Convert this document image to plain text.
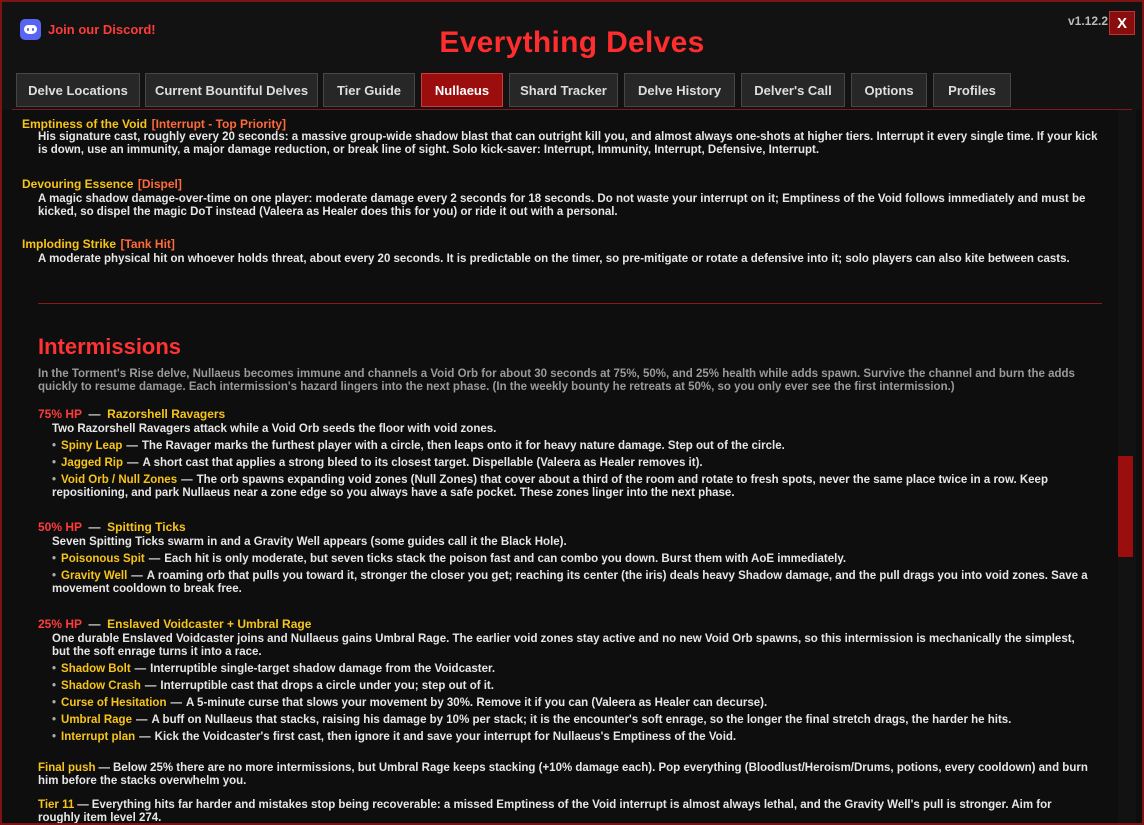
Join our Discord!	Everything Delves
v1.12.2 X
Delve Locations	Current Bountiful Delves	Tier Guide	Nullaeus	Shard Tracker	Delve History	Delver's Call	Options	Profiles
Emptiness of the Void [Interrupt - Top Priority]
His signature cast, roughly every 20 seconds: a massive group-wide shadow blast that can outright kill you, and almost always one-shots at higher tiers. Interrupt it every single time. If your kick is down, use an immunity, a major damage reduction, or break line of sight. Solo kick-saver: Interrupt, Immunity, Interrupt, Defensive, Interrupt.
Devouring Essence [Dispel]
A magic shadow damage-over-time on one player: moderate damage every 2 seconds for 18 seconds. Do not waste your interrupt on it; Emptiness of the Void follows immediately and must be kicked, so dispel the magic DoT instead (Valeera as Healer does this for you) or ride it out with a personal.
Imploding Strike [Tank Hit]
A moderate physical hit on whoever holds threat, about every 20 seconds. It is predictable on the timer, so pre-mitigate or rotate a defensive into it; solo players can also kite between casts.
Intermissions
In the Torment's Rise delve, Nullaeus becomes immune and channels a Void Orb for about 30 seconds at 75%, 50%, and 25% health while adds spawn. Survive the channel and burn the adds quickly to resume damage. Each intermission's hazard lingers into the next phase. (In the weekly bounty he retreats at 50%, so you only ever see the first intermission.)
75% HP  —  Razorshell Ravagers
Two Razorshell Ravagers attack while a Void Orb seeds the floor with void zones.
• Spiny Leap — The Ravager marks the furthest player with a circle, then leaps onto it for heavy nature damage. Step out of the circle.
• Jagged Rip — A short cast that applies a strong bleed to its closest target. Dispellable (Valeera as Healer removes it).
• Void Orb / Null Zones — The orb spawns expanding void zones (Null Zones) that cover about a third of the room and rotate to fresh spots, never the same place twice in a row. Keep repositioning, and park Nullaeus near a zone edge so you always have a safe pocket. These zones linger into the next phase.
50% HP  —  Spitting Ticks
Seven Spitting Ticks swarm in and a Gravity Well appears (some guides call it the Black Hole).
• Poisonous Spit — Each hit is only moderate, but seven ticks stack the poison fast and can combo you down. Burst them with AoE immediately.
• Gravity Well — A roaming orb that pulls you toward it, stronger the closer you get; reaching its center (the iris) deals heavy Shadow damage, and the pull drags you into void zones. Save a movement cooldown to break free.
25% HP  —  Enslaved Voidcaster + Umbral Rage
One durable Enslaved Voidcaster joins and Nullaeus gains Umbral Rage. The earlier void zones stay active and no new Void Orb spawns, so this intermission is mechanically the simplest, but the soft enrage turns it into a race.
• Shadow Bolt — Interruptible single-target shadow damage from the Voidcaster.
• Shadow Crash — Interruptible cast that drops a circle under you; step out of it.
• Curse of Hesitation — A 5-minute curse that slows your movement by 30%. Remove it if you can (Valeera as Healer can decurse).
• Umbral Rage — A buff on Nullaeus that stacks, raising his damage by 10% per stack; it is the encounter's soft enrage, so the longer the final stretch drags, the harder he hits.
• Interrupt plan — Kick the Voidcaster's first cast, then ignore it and save your interrupt for Nullaeus's Emptiness of the Void.
Final push — Below 25% there are no more intermissions, but Umbral Rage keeps stacking (+10% damage each). Pop everything (Bloodlust/Heroism/Drums, potions, every cooldown) and burn him before the stacks overwhelm you.
Tier 11 — Everything hits far harder and mistakes stop being recoverable: a missed Emptiness of the Void interrupt is almost always lethal, and the Gravity Well's pull is stronger. Aim for roughly item level 274.
